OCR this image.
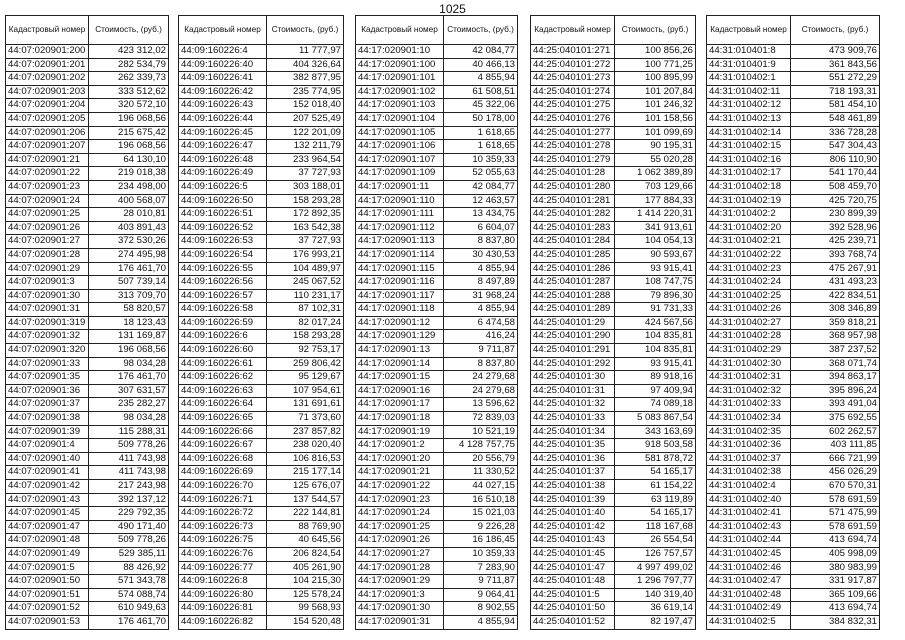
1025
Кадастровый номер	Стоимость, (руб.)
44:07:020901:200	423 312,02
44:07:020901:201	282 534,79
44:07:020901:202	262 339,73
44:07:020901:203	333 512,62
44:07:020901:204	320 572,10
44:07:020901:205	196 068,56
44:07:020901:206	215 675,42
44:07:020901:207	196 068,56
44:07:020901:21	64 130,10
44:07:020901:22	219 018,38
44:07:020901:23	234 498,00
44:07:020901:24	400 568,07
44:07:020901:25	28 010,81
44:07:020901:26	403 891,43
44:07:020901:27	372 530,26
44:07:020901:28	274 495,98
44:07:020901:29	176 461,70
44:07:020901:3	507 739,14
44:07:020901:30	313 709,70
44:07:020901:31	58 820,57
44:07:020901:319	18 123,43
44:07:020901:32	131 169,87
44:07:020901:320	196 068,56
44:07:020901:33	98 034,28
44:07:020901:35	176 461,70
44:07:020901:36	307 631,57
44:07:020901:37	235 282,27
44:07:020901:38	98 034,28
44:07:020901:39	115 288,31
44:07:020901:4	509 778,26
44:07:020901:40	411 743,98
44:07:020901:41	411 743,98
44:07:020901:42	217 243,98
44:07:020901:43	392 137,12
44:07:020901:45	229 792,35
44:07:020901:47	490 171,40
44:07:020901:48	509 778,26
44:07:020901:49	529 385,11
44:07:020901:5	88 426,92
44:07:020901:50	571 343,78
44:07:020901:51	574 088,74
44:07:020901:52	610 949,63
44:07:020901:53	176 461,70
Кадастровый номер	Стоимость, (руб.)
44:09:160226:4	11 777,97
44:09:160226:40	404 326,64
44:09:160226:41	382 877,95
44:09:160226:42	235 774,95
44:09:160226:43	152 018,40
44:09:160226:44	207 525,49
44:09:160226:45	122 201,09
44:09:160226:47	132 211,79
44:09:160226:48	233 964,54
44:09:160226:49	37 727,93
44:09:160226:5	303 188,01
44:09:160226:50	158 293,28
44:09:160226:51	172 892,35
44:09:160226:52	163 542,38
44:09:160226:53	37 727,93
44:09:160226:54	176 993,21
44:09:160226:55	104 489,97
44:09:160226:56	245 067,52
44:09:160226:57	110 231,17
44:09:160226:58	87 102,31
44:09:160226:59	82 017,24
44:09:160226:6	158 293,28
44:09:160226:60	92 753,17
44:09:160226:61	259 806,42
44:09:160226:62	95 129,67
44:09:160226:63	107 954,61
44:09:160226:64	131 691,61
44:09:160226:65	71 373,60
44:09:160226:66	237 857,82
44:09:160226:67	238 020,40
44:09:160226:68	106 816,53
44:09:160226:69	215 177,14
44:09:160226:70	125 676,07
44:09:160226:71	137 544,57
44:09:160226:72	222 144,81
44:09:160226:73	88 769,90
44:09:160226:75	40 645,56
44:09:160226:76	206 824,54
44:09:160226:77	405 261,90
44:09:160226:8	104 215,30
44:09:160226:80	125 578,24
44:09:160226:81	99 568,93
44:09:160226:82	154 520,48
Кадастровый номер	Стоимость, (руб.)
44:17:020901:10	42 084,77
44:17:020901:100	40 466,13
44:17:020901:101	4 855,94
44:17:020901:102	61 508,51
44:17:020901:103	45 322,06
44:17:020901:104	50 178,00
44:17:020901:105	1 618,65
44:17:020901:106	1 618,65
44:17:020901:107	10 359,33
44:17:020901:109	52 055,63
44:17:020901:11	42 084,77
44:17:020901:110	12 463,57
44:17:020901:111	13 434,75
44:17:020901:112	6 604,07
44:17:020901:113	8 837,80
44:17:020901:114	30 430,53
44:17:020901:115	4 855,94
44:17:020901:116	8 497,89
44:17:020901:117	31 968,24
44:17:020901:118	4 855,94
44:17:020901:12	6 474,58
44:17:020901:129	416,24
44:17:020901:13	9 711,87
44:17:020901:14	8 837,80
44:17:020901:15	24 279,68
44:17:020901:16	24 279,68
44:17:020901:17	13 596,62
44:17:020901:18	72 839,03
44:17:020901:19	10 521,19
44:17:020901:2	4 128 757,75
44:17:020901:20	20 556,79
44:17:020901:21	11 330,52
44:17:020901:22	44 027,15
44:17:020901:23	16 510,18
44:17:020901:24	15 021,03
44:17:020901:25	9 226,28
44:17:020901:26	16 186,45
44:17:020901:27	10 359,33
44:17:020901:28	7 283,90
44:17:020901:29	9 711,87
44:17:020901:3	9 064,41
44:17:020901:30	8 902,55
44:17:020901:31	4 855,94
Кадастровый номер	Стоимость, (руб.)
44:25:040101:271	100 856,26
44:25:040101:272	100 771,25
44:25:040101:273	100 895,99
44:25:040101:274	101 207,84
44:25:040101:275	101 246,32
44:25:040101:276	101 158,56
44:25:040101:277	101 099,69
44:25:040101:278	90 195,31
44:25:040101:279	55 020,28
44:25:040101:28	1 062 389,89
44:25:040101:280	703 129,66
44:25:040101:281	177 884,33
44:25:040101:282	1 414 220,31
44:25:040101:283	341 913,61
44:25:040101:284	104 054,13
44:25:040101:285	90 593,67
44:25:040101:286	93 915,41
44:25:040101:287	108 747,75
44:25:040101:288	79 896,30
44:25:040101:289	91 731,33
44:25:040101:29	424 567,56
44:25:040101:290	104 835,81
44:25:040101:291	104 835,81
44:25:040101:292	93 915,41
44:25:040101:30	89 918,16
44:25:040101:31	97 409,94
44:25:040101:32	74 089,18
44:25:040101:33	5 083 867,54
44:25:040101:34	343 163,69
44:25:040101:35	918 503,58
44:25:040101:36	581 878,72
44:25:040101:37	54 165,17
44:25:040101:38	61 154,22
44:25:040101:39	63 119,89
44:25:040101:40	54 165,17
44:25:040101:42	118 167,68
44:25:040101:43	26 554,54
44:25:040101:45	126 757,57
44:25:040101:47	4 997 499,02
44:25:040101:48	1 296 797,77
44:25:040101:5	140 319,40
44:25:040101:50	36 619,14
44:25:040101:52	82 197,47
Кадастровый номер	Стоимость, (руб.)
44:31:010401:8	473 909,76
44:31:010401:9	361 843,56
44:31:010402:1	551 272,29
44:31:010402:11	718 193,31
44:31:010402:12	581 454,10
44:31:010402:13	548 461,89
44:31:010402:14	336 728,28
44:31:010402:15	547 304,43
44:31:010402:16	806 110,90
44:31:010402:17	541 170,44
44:31:010402:18	508 459,70
44:31:010402:19	425 720,75
44:31:010402:2	230 899,39
44:31:010402:20	392 528,96
44:31:010402:21	425 239,71
44:31:010402:22	393 768,74
44:31:010402:23	475 267,91
44:31:010402:24	431 493,23
44:31:010402:25	422 834,51
44:31:010402:26	308 346,89
44:31:010402:27	359 818,21
44:31:010402:28	368 957,98
44:31:010402:29	387 237,52
44:31:010402:30	368 071,74
44:31:010402:31	394 863,17
44:31:010402:32	395 896,24
44:31:010402:33	393 491,04
44:31:010402:34	375 692,55
44:31:010402:35	602 262,57
44:31:010402:36	403 111,85
44:31:010402:37	666 721,99
44:31:010402:38	456 026,29
44:31:010402:4	670 570,31
44:31:010402:40	578 691,59
44:31:010402:41	571 475,99
44:31:010402:43	578 691,59
44:31:010402:44	413 694,74
44:31:010402:45	405 998,09
44:31:010402:46	380 983,99
44:31:010402:47	331 917,87
44:31:010402:48	365 109,66
44:31:010402:49	413 694,74
44:31:010402:5	384 832,31
